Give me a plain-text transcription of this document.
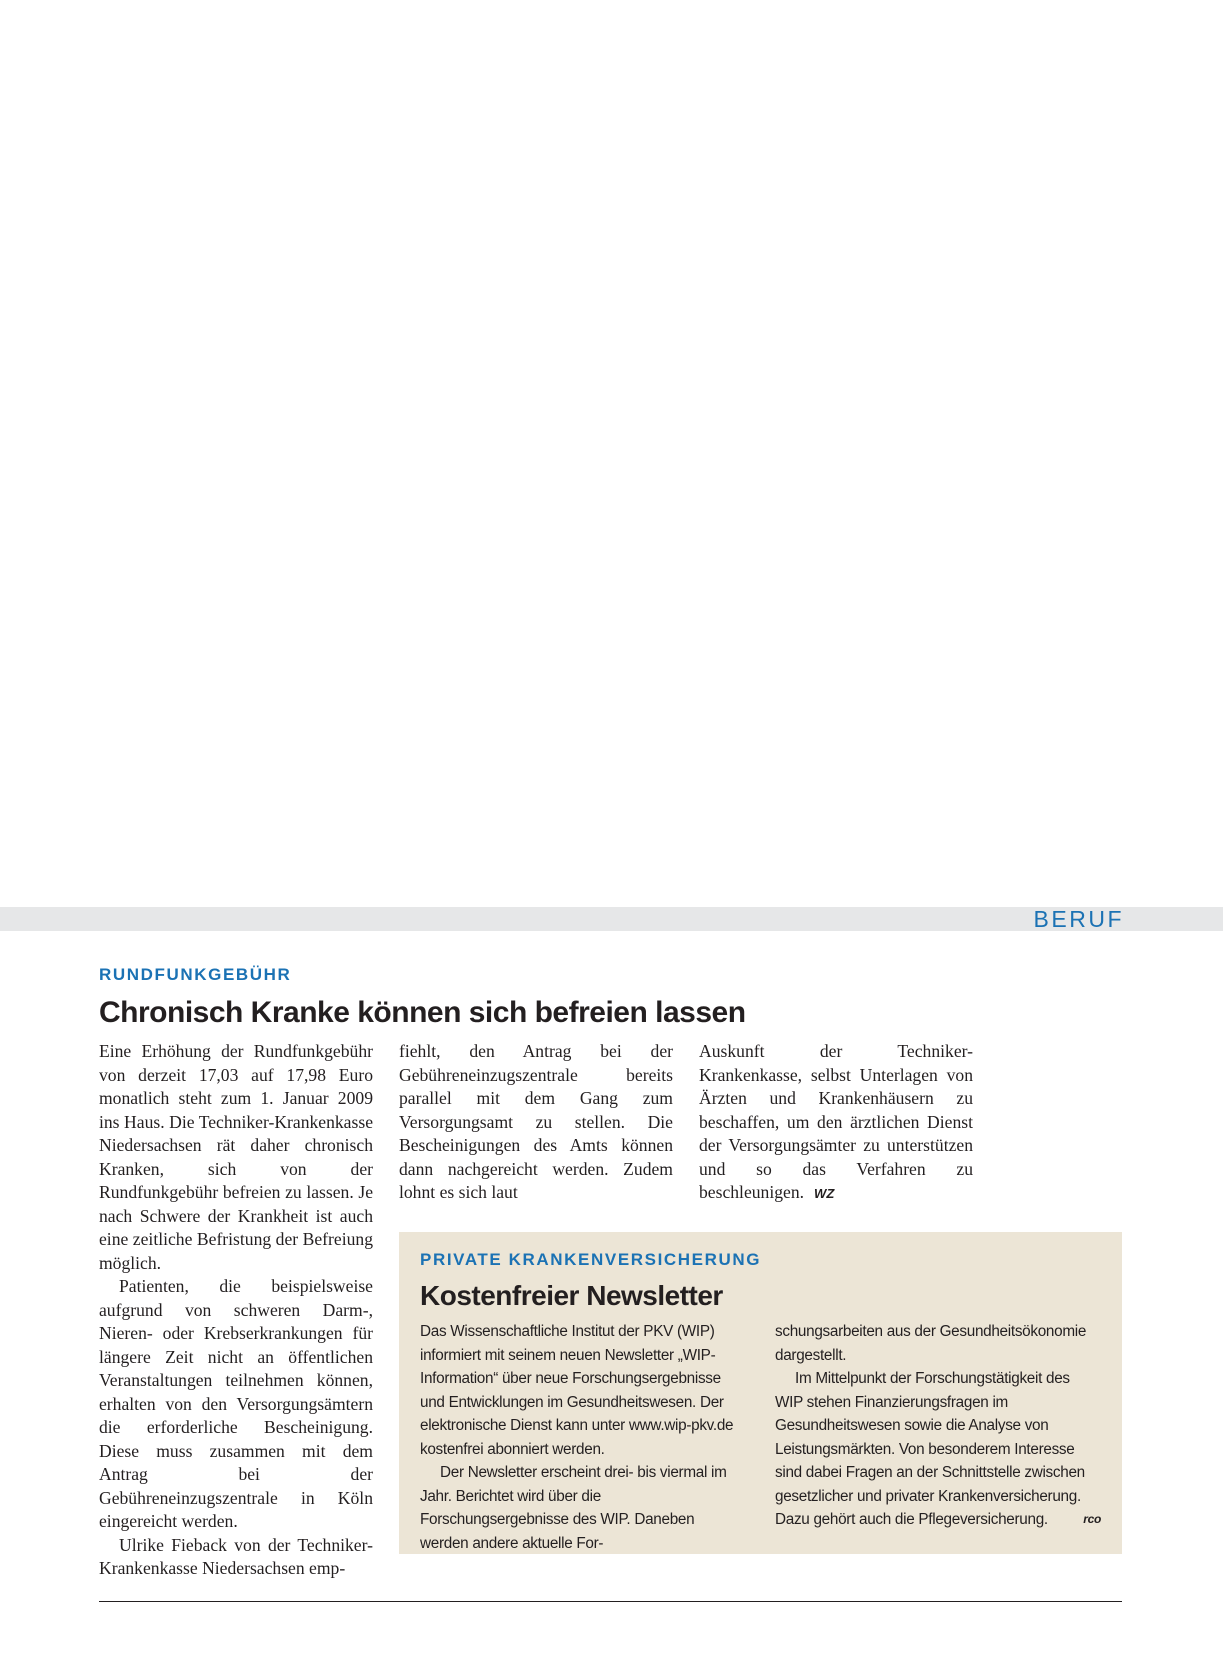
BERUF
RUNDFUNKGEBÜHR
Chronisch Kranke können sich befreien lassen

Eine Erhöhung der Rundfunkgebühr von derzeit 17,03 auf 17,98 Euro monatlich steht zum 1. Januar 2009 ins Haus. Die Techniker-Krankenkasse Niedersachsen rät daher chronisch Kranken, sich von der Rundfunkgebühr befreien zu lassen. Je nach Schwere der Krankheit ist auch eine zeitliche Befristung der Befreiung möglich.

Patienten, die beispielsweise aufgrund von schweren Darm-, Nieren- oder Krebserkrankungen für längere Zeit nicht an öffentlichen Veranstaltungen teilnehmen können, erhalten von den Versorgungsämtern die erforderliche Bescheinigung. Diese muss zusammen mit dem Antrag bei der Gebühreneinzugszentrale in Köln eingereicht werden.

Ulrike Fieback von der Techniker-Krankenkasse Niedersachsen emp-

fiehlt, den Antrag bei der Gebühreneinzugszentrale bereits parallel mit dem Gang zum Versorgungsamt zu stellen. Die Bescheinigungen des Amts können dann nachgereicht werden. Zudem lohnt es sich laut

Auskunft der Techniker-Krankenkasse, selbst Unterlagen von Ärzten und Krankenhäusern zu beschaffen, um den ärztlichen Dienst der Versorgungsämter zu unterstützen und so das Verfahren zu beschleunigen. WZ

PRIVATE KRANKENVERSICHERUNG
Kostenfreier Newsletter

Das Wissenschaftliche Institut der PKV (WIP) informiert mit seinem neuen Newsletter „WIP-Information“ über neue Forschungsergebnisse und Entwicklungen im Gesundheitswesen. Der elektronische Dienst kann unter www.wip-pkv.de kostenfrei abonniert werden.

Der Newsletter erscheint drei- bis viermal im Jahr. Berichtet wird über die Forschungsergebnisse des WIP. Daneben werden andere aktuelle For-

schungsarbeiten aus der Gesundheitsökonomie dargestellt.

Im Mittelpunkt der Forschungstätigkeit des WIP stehen Finanzierungsfragen im Gesundheitswesen sowie die Analyse von Leistungsmärkten. Von besonderem Interesse sind dabei Fragen an der Schnittstelle zwischen gesetzlicher und privater Krankenversicherung. Dazu gehört auch die Pflegeversicherung.	rco
